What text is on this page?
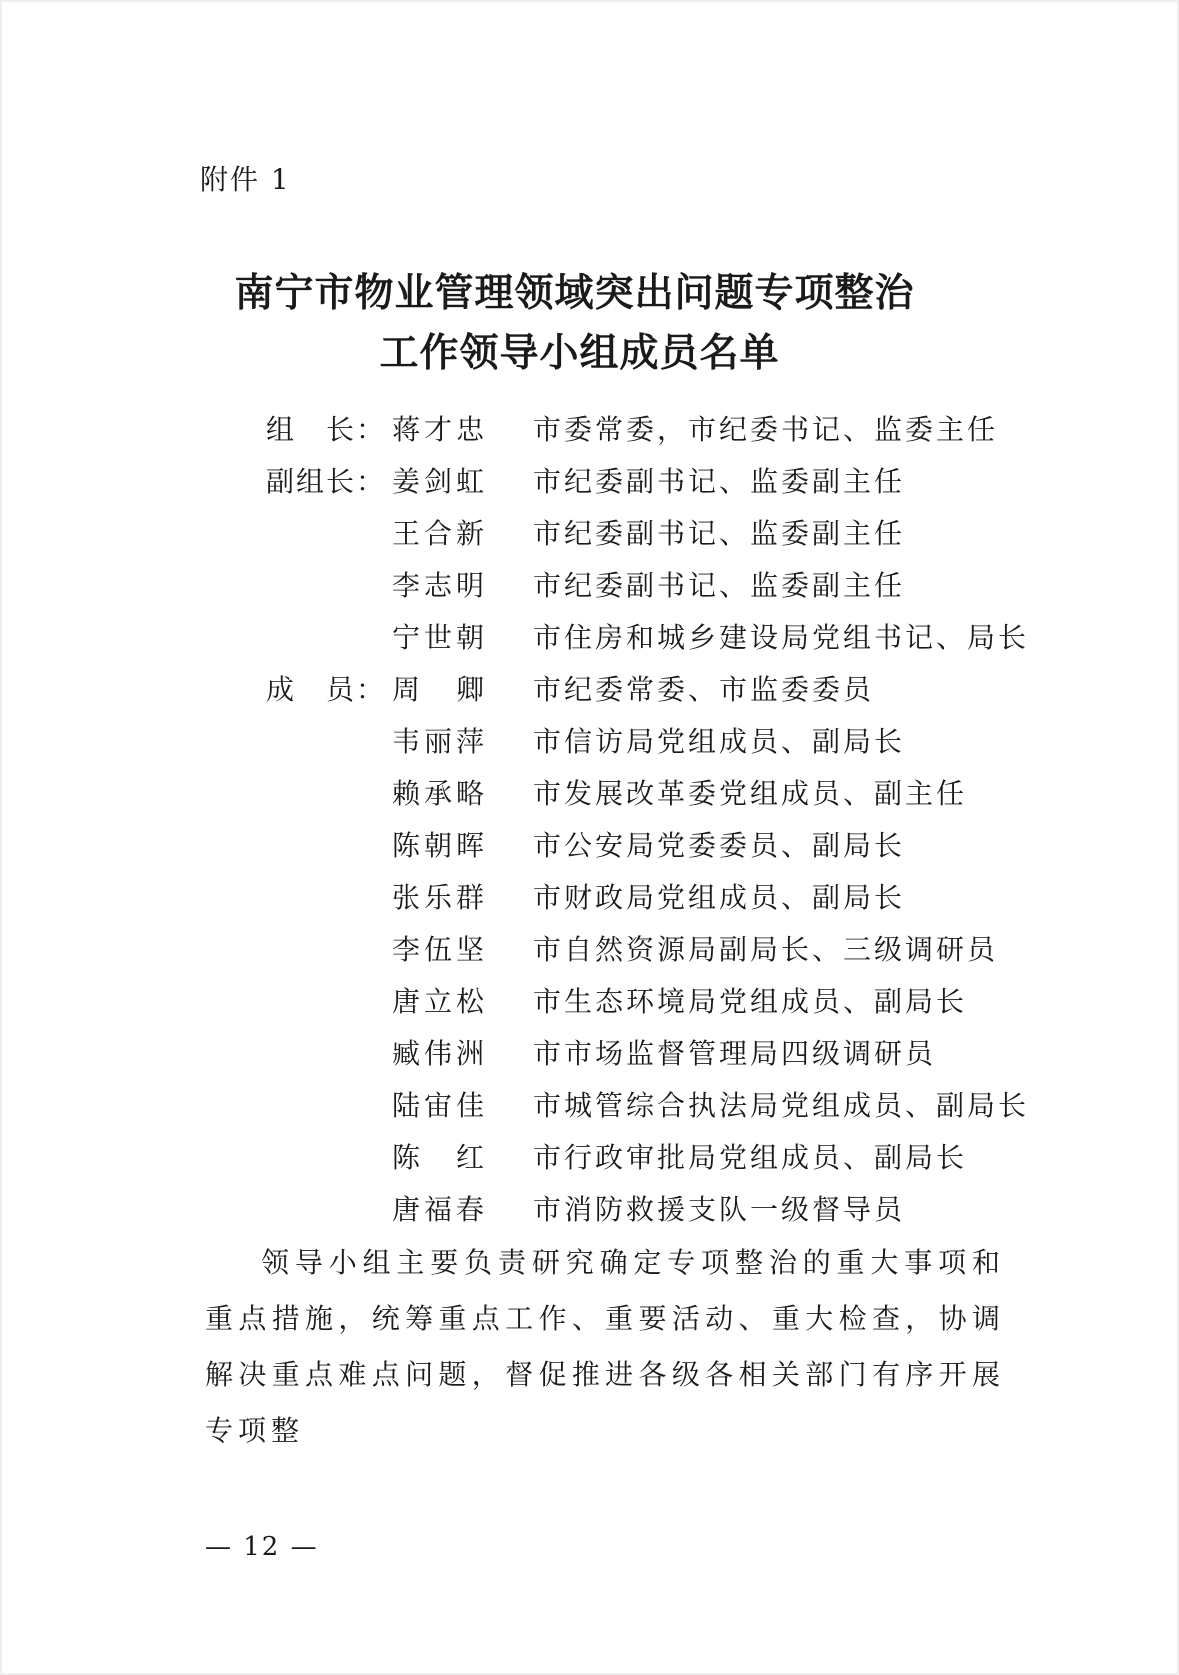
附件 1
南宁市物业管理领域突出问题专项整治
工作领导小组成员名单
组　长： 蒋才忠	市委常委，市纪委书记、监委主任
副组长： 姜剑虹	市纪委副书记、监委副主任
王合新	市纪委副书记、监委副主任
李志明	市纪委副书记、监委副主任
宁世朝	市住房和城乡建设局党组书记、局长
成　员： 周　卿	市纪委常委、市监委委员
韦丽萍	市信访局党组成员、副局长
赖承略	市发展改革委党组成员、副主任
陈朝晖	市公安局党委委员、副局长
张乐群	市财政局党组成员、副局长
李伍坚	市自然资源局副局长、三级调研员
唐立松	市生态环境局党组成员、副局长
臧伟洲	市市场监督管理局四级调研员
陆宙佳	市城管综合执法局党组成员、副局长
陈　红	市行政审批局党组成员、副局长
唐福春	市消防救援支队一级督导员
领导小组主要负责研究确定专项整治的重大事项和重点措施，统筹重点工作、重要活动、重大检查，协调解决重点难点问题，督促推进各级各相关部门有序开展专项整
— 12 —
